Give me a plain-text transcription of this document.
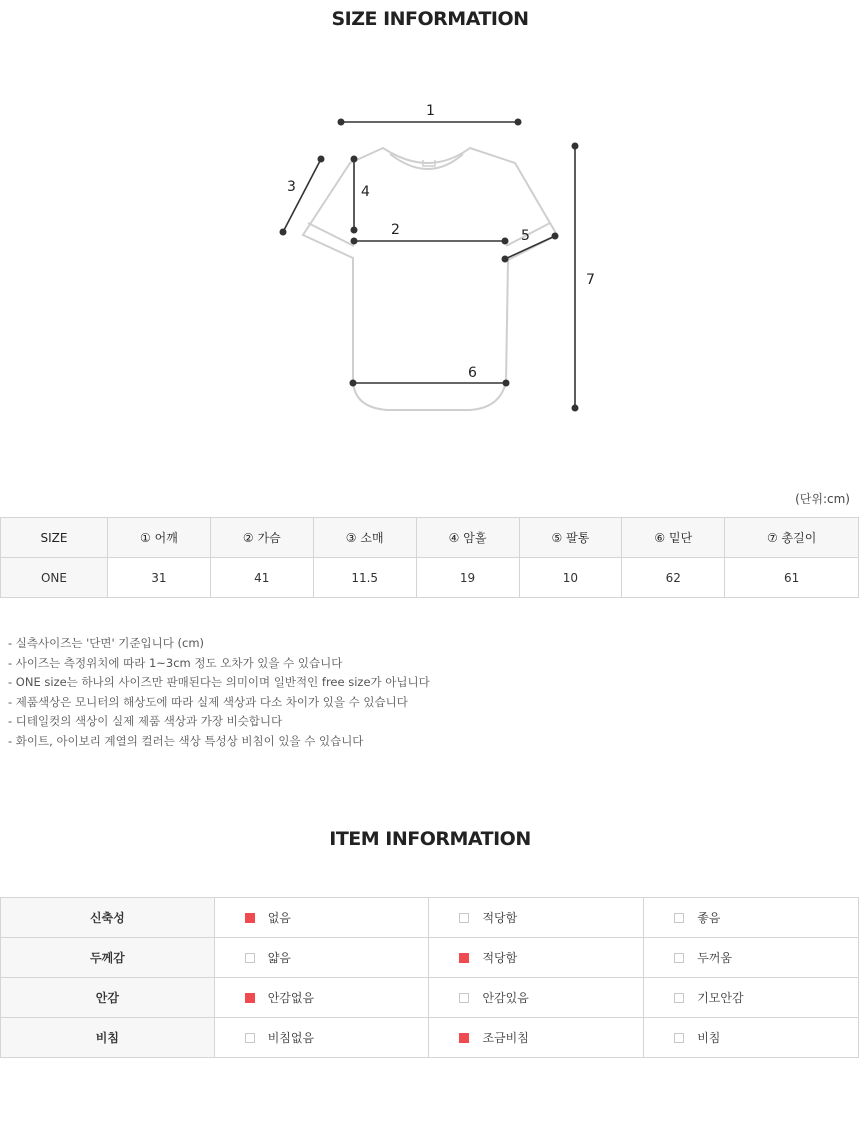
SIZE INFORMATION
1
2
3	4
5
6
7
(단위:cm)
SIZE	① 어깨	② 가슴	③ 소매	④ 암홀	⑤ 팔통	⑥ 밑단	⑦ 총길이
ONE	31	41	11.5	19	10	62	61
- 실측사이즈는 '단면' 기준입니다 (cm)
- 사이즈는 측정위치에 따라 1~3cm 정도 오차가 있을 수 있습니다
- ONE size는 하나의 사이즈만 판매된다는 의미이며 일반적인 free size가 아닙니다
- 제품색상은 모니터의 해상도에 따라 실제 색상과 다소 차이가 있을 수 있습니다
- 디테일컷의 색상이 실제 제품 색상과 가장 비슷합니다
- 화이트, 아이보리 계열의 컬러는 색상 특성상 비침이 있을 수 있습니다
ITEM INFORMATION
신축성	없음	적당함	좋음

두께감	얇음	적당함	두꺼움

안감	안감없음	안감있음	기모안감

비침	비침없음	조금비침	비침
